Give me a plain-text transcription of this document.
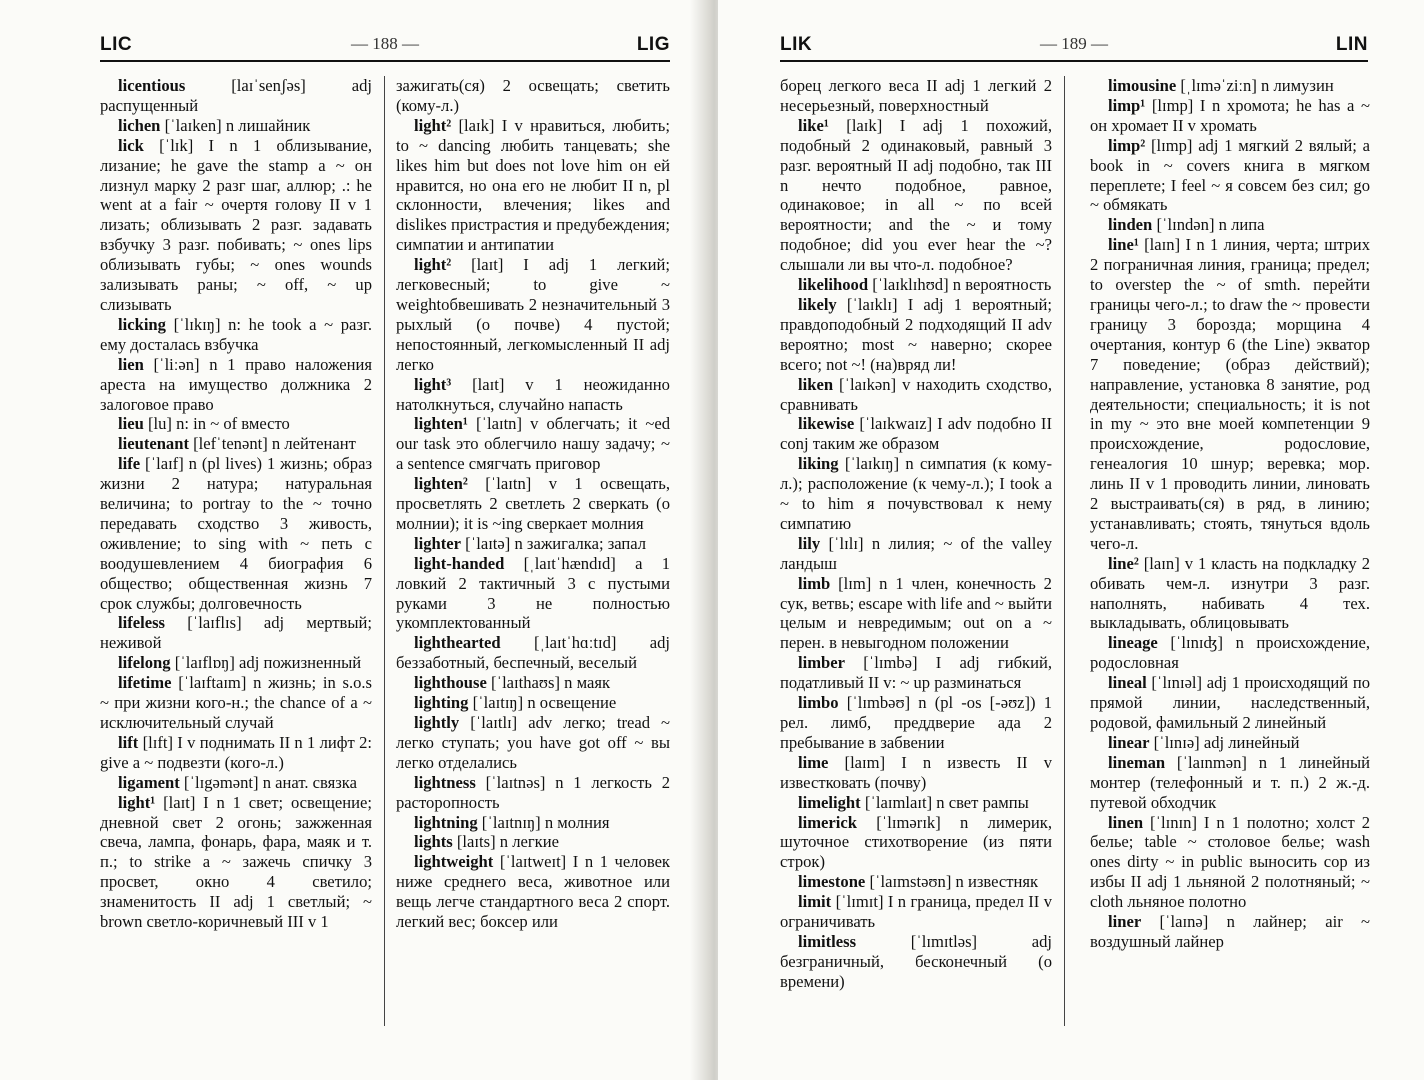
LIC	— 188 —	LIG
licentious	[laɪˈsenʃəs] adj распущенный
lichen [ˈlaɪken] n лишайник
lick [ˈlɪk] I n 1 облизывание, лизание; he gave the stamp a ~ он лизнул марку 2 разг шаг, аллюр; .: he went at a fair ~ очертя голову II v 1 лизать; облизывать 2 разг. задавать взбучку 3 разг. побивать; ~ ones lips облизывать губы; ~ ones wounds зализывать раны; ~ off, ~ up слизывать
licking [ˈlɪkɪŋ] n: he took a ~ разг. ему досталась взбучка
lien [ˈliːən] n 1 право наложения ареста на имущество должника 2 залоговое право
lieu [lu] n: in ~ of вместо
lieutenant [lefˈtenənt] n лейтенант
life [ˈlaɪf] n (pl lives) 1 жизнь; образ жизни 2 натура; натуральная величина; to portray to the ~ точно передавать сходство 3 живость, оживление; to sing with ~ петь с воодушевлением 4 биография 6 общество; общественная жизнь 7 срок службы; долговечность
lifeless [ˈlaɪflɪs] adj мертвый; неживой
lifelong [ˈlaɪflɒŋ] adj пожизненный
lifetime [ˈlaɪftaɪm] n жизнь; in s.o.s ~ при жизни кого-н.; the chance of a ~ исключительный случай
lift [lɪft] I v поднимать II n 1 лифт 2: give a ~ подвезти (кого-л.)
ligament [ˈlɪgəmənt] n анат. связка
light¹ [laɪt] I n 1 свет; освещение; дневной свет 2 огонь; зажженная свеча, лампа, фонарь, фара, маяк и т. п.; to strike a ~ зажечь спичку 3 просвет, окно 4 светило; знаменитость II adj 1 светлый; ~ brown светло-коричневый III v 1
зажигать(ся) 2 освещать; светить (кому-л.)
light² [laɪk] I v нравиться, любить; to ~ dancing любить танцевать; she likes him but does not love him он ей нравится, но она его не любит II n, pl склонности, влечения; likes and dislikes пристрастия и предубеждения; симпатии и антипатии
light² [laɪt] I adj 1 легкий; легковесный; to give ~ weightобвешивать 2 незначительный 3 рыхлый (о почве) 4 пустой; непостоянный, легкомысленный II adj легко
light³ [laɪt] v 1 неожиданно натолкнуться, случайно напасть
lighten¹ [ˈlaɪtn] v облегчать; it ~ed our task это облегчило нашу задачу; ~ a sentence смягчать приговор
lighten² [ˈlaɪtn] v 1 освещать, просветлять 2 светлеть 2 сверкать (о молнии); it is ~ing сверкает молния
lighter [ˈlaɪtə] n зажигалка; запал
light-handed [ˌlaɪtˈhændɪd] a 1 ловкий 2 тактичный 3 с пустыми руками 3 не полностью укомплектованный
lighthearted [ˌlaɪtˈhɑːtɪd] adj беззаботный, беспечный, веселый
lighthouse [ˈlaɪthaʊs] n маяк
lighting [ˈlaɪtɪŋ] n освещение
lightly [ˈlaɪtlɪ] adv легко; tread ~ легко ступать; you have got off ~ вы легко отделались
lightness [ˈlaɪtnəs] n 1 легкость 2 расторопность
lightning [ˈlaɪtnɪŋ] n молния
lights [laɪts] n легкие
lightweight [ˈlaɪtweɪt] I n 1 человек ниже среднего веса, животное или вещь легче стандартного веса 2 спорт. легкий вес; боксер или
LIK	— 189 —	LIN
борец легкого веса II adj 1 легкий 2 несерьезный, поверхностный
like¹ [laɪk] I adj 1 похожий, подобный 2 одинаковый, равный 3 разг. вероятный II adj подобно, так III n нечто подобное, равное, одинаковое; in all ~ по всей вероятности; and the ~ и тому подобное; did you ever hear the ~? слышали ли вы что-л. подобное?
likelihood [ˈlaɪklɪhʊd] n вероятность
likely [ˈlaɪklɪ] I adj 1 вероятный; правдоподобный 2 подходящий II adv вероятно; most ~ наверно; скорее всего; not ~! (на)вряд ли!
liken [ˈlaɪkən] v находить сходство, сравнивать
likewise [ˈlaɪkwaɪz] I adv подобно II conj таким же образом
liking [ˈlaɪkɪŋ] n симпатия (к кому-л.); расположение (к чему-л.); I took a ~ to him я почувствовал к нему симпатию
lily [ˈlɪlɪ] n лилия; ~ of the valley ландыш
limb [lɪm] n 1 член, конечность 2 сук, ветвь; escape with life and ~ выйти целым и невредимым; out on a ~ перен. в невыгодном положении
limber [ˈlɪmbə] I adj гибкий, податливый II v: ~ up разминаться
limbo [ˈlɪmbəʊ] n (pl -os [-əʊz]) 1 рел. лимб, преддверие ада 2 пребывание в забвении
lime [laɪm] I n известь II v известковать (почву)
limelight [ˈlaɪmlaɪt] n свет рампы
limerick [ˈlɪmərɪk] n лимерик, шуточное стихотворение (из пяти строк)
limestone [ˈlaɪmstəʊn] n известняк
limit [ˈlɪmɪt] I n граница, предел II v ограничивать
limitless	[ˈlɪmɪtləs] adj безграничный, бесконечный (о времени)
limousine [ˌlɪməˈziːn] n лимузин
limp¹ [lɪmp] I n хромота; he has a ~ он хромает II v хромать
limp² [lɪmp] adj 1 мягкий 2 вялый; a book in ~ covers книга в мягком переплете; I feel ~ я совсем без сил; go ~ обмякать
linden [ˈlɪndən] n липа
line¹ [laɪn] I n 1 линия, черта; штрих 2 пограничная линия, граница; предел; to overstep the ~ of smth. перейти границы чего-л.; to draw the ~ провести границу 3 борозда; морщина 4 очертания, контур 6 (the Line) экватор 7 поведение; (образ действий); направление, установка 8 занятие, род деятельности; специальность; it is not in my ~ это вне моей компетенции 9 происхождение, родословие, генеалогия 10 шнур; веревка; мор. линь II v 1 проводить линии, линовать 2 выстраивать(ся) в ряд, в линию; устанавливать; стоять, тянуться вдоль чего-л.
line² [laɪn] v 1 класть на подкладку 2 обивать чем-л. изнутри 3 разг. наполнять, набивать 4 тех. выкладывать, облицовывать
lineage [ˈlɪnɪʤ] n происхождение, родословная
lineal [ˈlɪnɪəl] adj 1 происходящий по прямой линии, наследственный, родовой, фамильный 2 линейный
linear [ˈlɪnɪə] adj линейный
lineman [ˈlaɪnmən] n 1 линейный монтер (телефонный и т. п.) 2 ж.-д. путевой обходчик
linen [ˈlɪnɪn] I n 1 полотно; холст 2 белье; table ~ столовое белье; wash ones dirty ~ in public выносить сор из избы II adj 1 льняной 2 полотняный; ~ cloth льняное полотно
liner [ˈlaɪnə] n лайнер; air ~ воздушный лайнер
